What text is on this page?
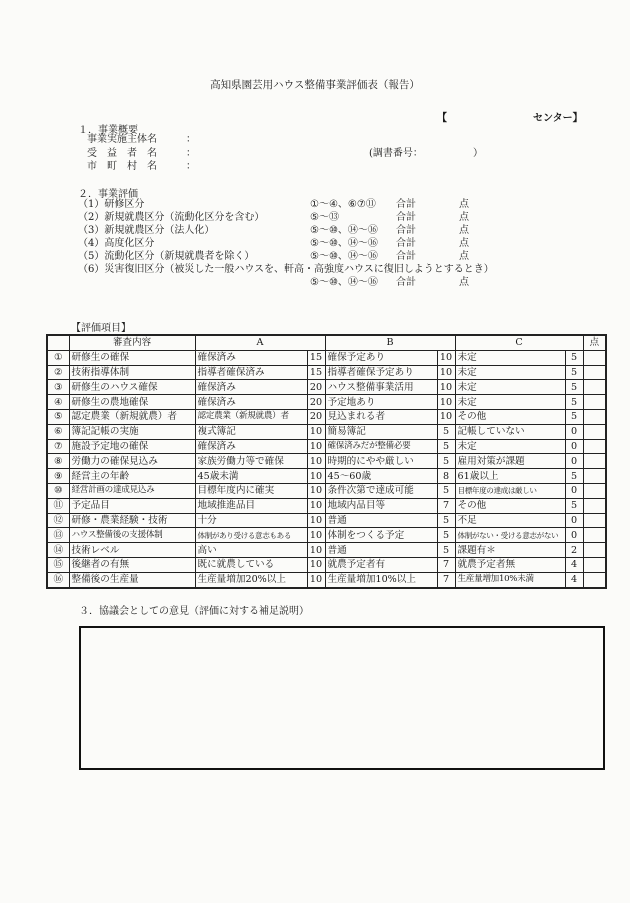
高知県園芸用ハウス整備事業評価表（報告）
【	センター】
１．事業概要
事業実施主体名	：
受　益　者　名	：	(調書番号：	）
市　町　村　名	：
２．事業評価
（1）研修区分	①～④、⑥⑦⑪ 合計	点
（2）新規就農区分（流動化区分を含む）	⑤～⑬	合計	点
（3）新規就農区分（法人化）	⑤～⑩、⑭～⑯ 合計	点
（4）高度化区分	⑤～⑩、⑭～⑯ 合計	点
（5）流動化区分（新規就農者を除く）	⑤～⑩、⑭～⑯ 合計	点
（6）災害復旧区分（被災した一般ハウスを、軒高・高強度ハウスに復旧しようとするとき）
⑤～⑩、⑭～⑯ 合計	点
【評価項目】
	審査内容	A		B		C		点
①	研修生の確保	確保済み	15	確保予定あり	10	未定	5	
②	技術指導体制	指導者確保済み	15	指導者確保予定あり	10	未定	5	
③	研修生のハウス確保	確保済み	20	ハウス整備事業活用	10	未定	5	
④	研修生の農地確保	確保済み	20	予定地あり	10	未定	5	
⑤	認定農業（新規就農）者	認定農業（新規就農）者	20	見込まれる者	10	その他	5	
⑥	簿記記帳の実施	複式簿記	10	簡易簿記	5	記帳していない	0	
⑦	施設予定地の確保	確保済み	10	確保済みだが整備必要	5	未定	0	
⑧	労働力の確保見込み	家族労働力等で確保	10	時期的にやや厳しい	5	雇用対策が課題	0	
⑨	経営主の年齢	45歳未満	10	45～60歳	8	61歳以上	5	
⑩	経営計画の達成見込み	目標年度内に確実	10	条件次第で達成可能	5	目標年度の達成は厳しい	0	
⑪	予定品目	地域推進品目	10	地域内品目等	7	その他	5	
⑫	研修・農業経験・技術	十分	10	普通	5	不足	0	
⑬	ハウス整備後の支援体制	体制があり受ける意志もある	10	体制をつくる予定	5	体制がない・受ける意志がない	0	
⑭	技術レベル	高い	10	普通	5	課題有＊	2	
⑮	後継者の有無	既に就農している	10	就農予定者有	7	就農予定者無	4	
⑯	整備後の生産量	生産量増加20%以上	10	生産量増加10%以上	7	生産量増加10%未満	4	
３．協議会としての意見（評価に対する補足説明）
